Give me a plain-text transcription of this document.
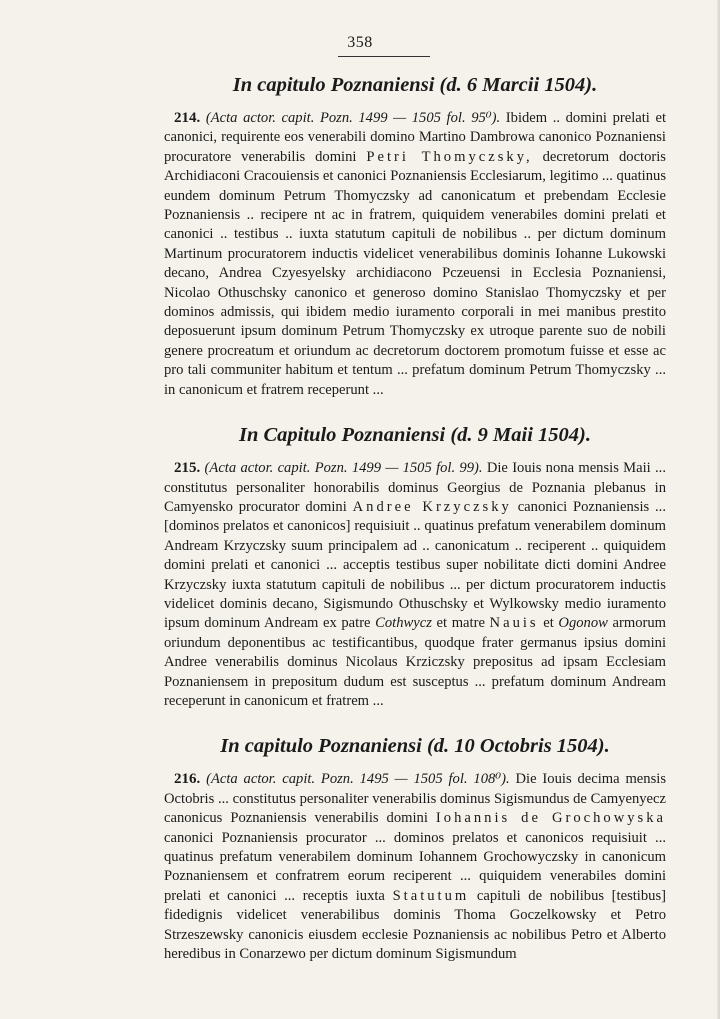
358
In capitulo Poznaniensi (d. 6 Marcii 1504).

214. (Acta actor. capit. Pozn. 1499 — 1505 fol. 95⁰). Ibidem .. domini prelati et canonici, requirente eos venerabili domino Martino Dambrowa canonico Poznaniensi procuratore venerabilis domini Petri Thomyczsky, decretorum doctoris Archidiaconi Cracouiensis et canonici Poznaniensis Ecclesiarum, legitimo ... quatinus eundem dominum Petrum Thomyczsky ad canonicatum et prebendam Ecclesie Poznaniensis .. recipere nt ac in fratrem, quiquidem venerabiles domini prelati et canonici .. testibus .. iuxta statutum capituli de nobilibus .. per dictum dominum Martinum procuratorem inductis videlicet venerabilibus dominis Iohanne Lukowski decano, Andrea Czyesyelsky archidiacono Pczeuensi in Ecclesia Poznaniensi, Nicolao Othuschsky canonico et generoso domino Stanislao Thomyczsky et per dominos admissis, qui ibidem medio iuramento corporali in mei manibus prestito deposuerunt ipsum dominum Petrum Thomyczsky ex utroque parente suo de nobili genere procreatum et oriundum ac decretorum doctorem promotum fuisse et esse ac pro tali communiter habitum et tentum ... prefatum dominum Petrum Thomyczsky ... in canonicum et fratrem receperunt ...

In Capitulo Poznaniensi (d. 9 Maii 1504).

215. (Acta actor. capit. Pozn. 1499 — 1505 fol. 99). Die Iouis nona mensis Maii ... constitutus personaliter honorabilis dominus Georgius de Poznania plebanus in Camyensko procurator domini Andree Krzyczsky canonici Poznaniensis ... [dominos prelatos et canonicos] requisiuit .. quatinus prefatum venerabilem dominum Andream Krzyczsky suum principalem ad .. canonicatum .. reciperent .. quiquidem domini prelati et canonici ... acceptis testibus super nobilitate dicti domini Andree Krzyczsky iuxta statutum capituli de nobilibus ... per dictum procuratorem inductis videlicet dominis decano, Sigismundo Othuschsky et Wylkowsky medio iuramento ipsum dominum Andream ex patre Cothwycz et matre Nauis et Ogonow armorum oriundum deponentibus ac testificantibus, quodque frater germanus ipsius domini Andree venerabilis dominus Nicolaus Krziczsky prepositus ad ipsam Ecclesiam Poznaniensem in prepositum dudum est susceptus ... prefatum dominum Andream receperunt in canonicum et fratrem ...

In capitulo Poznaniensi (d. 10 Octobris 1504).

216. (Acta actor. capit. Pozn. 1495 — 1505 fol. 108⁰). Die Iouis decima mensis Octobris ... constitutus personaliter venerabilis dominus Sigismundus de Camyenyecz canonicus Poznaniensis venerabilis domini Iohannis de Grochowyska canonici Poznaniensis procurator ... dominos prelatos et canonicos requisiuit ... quatinus prefatum venerabilem dominum Iohannem Grochowyczsky in canonicum Poznaniensem et confratrem eorum reciperent ... quiquidem venerabiles domini prelati et canonici ... receptis iuxta Statutum capituli de nobilibus [testibus] fidedignis videlicet venerabilibus dominis Thoma Goczelkowsky et Petro Strzeszewsky canonicis eiusdem ecclesie Poznaniensis ac nobilibus Petro et Alberto heredibus in Conarzewo per dictum dominum Sigismundum
